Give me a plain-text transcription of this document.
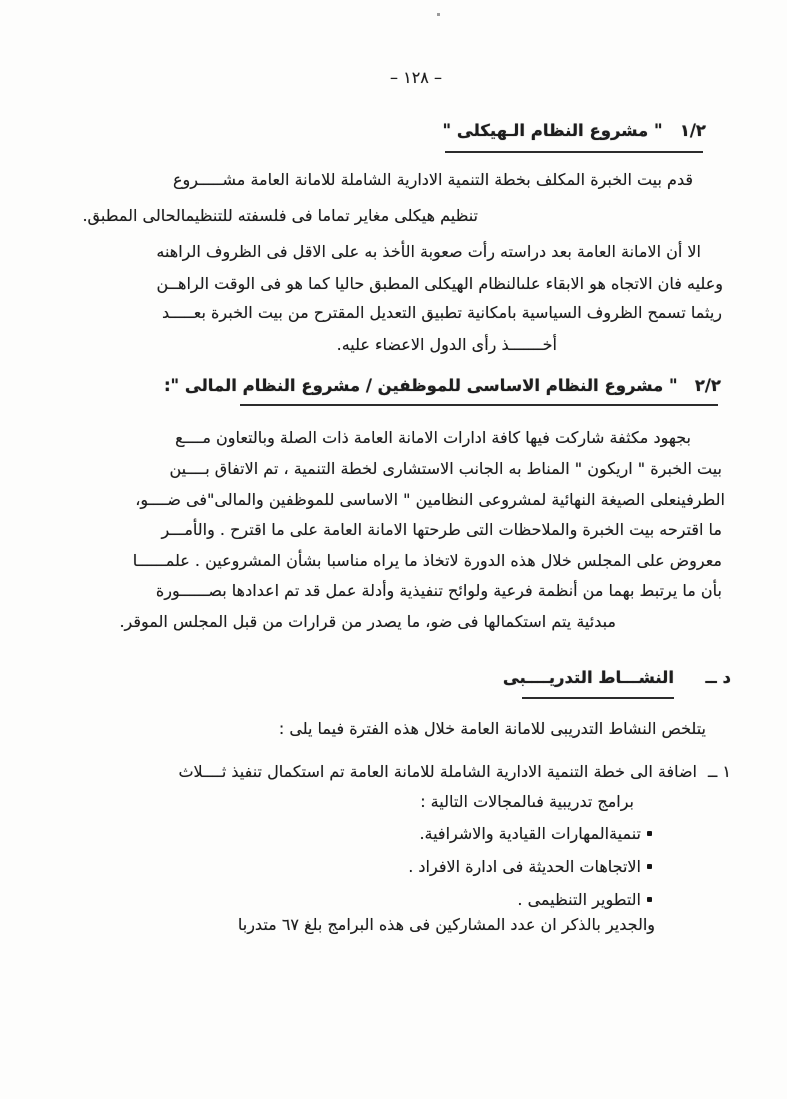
– ١٢٨ –
١/٢   " مشروع النظام الـهيكلى "
قدم بيت الخبرة المكلف بخطة التنمية الادارية الشاملة للامانة العامة مشـــــروع
تنظيم هيكلى مغاير تماما فى فلسفته للتنظيمالحالى المطبق.
الا أن الامانة العامة بعد دراسته رأت صعوبة الأخذ به على الاقل فى الظروف الراهنه
وعليه فان الاتجاه هو الابقاء علىالنظام الهيكلى المطبق حاليا كما هو فى الوقت الراهــن
ريثما تسمح الظروف السياسية بامكانية تطبيق التعديل المقترح من بيت الخبرة بعـــــد
أخـــــــذ رأى الدول الاعضاء عليه.
٢/٢   " مشروع النظام الاساسى للموظفين / مشروع النظام المالى ":
بجهود مكثفة شاركت فيها كافة ادارات الامانة العامة ذات الصلة وبالتعاون مــــع
بيت الخبرة " اريكون " المناط به الجانب الاستشارى لخطة التنمية ، تم الاتفاق بــــين
الطرفينعلى الصيغة النهائية لمشروعى النظامين " الاساسى للموظفين والمالى"فى ضــــو،
ما اقترحه بيت الخبرة والملاحظات التى طرحتها الامانة العامة على ما اقترح . والأمـــر
معروض على المجلس خلال هذه الدورة لاتخاذ ما يراه مناسبا بشأن المشروعين . علمــــــا
بأن ما يرتبط بهما من أنظمة فرعية ولوائح تنفيذية وأدلة عمل قد تم اعدادها بصــــــورة
مبدئية يتم استكمالها فى ضو، ما يصدر من قرارات من قبل المجلس الموقر.
د ــ
النشـــاط التدريــــبى
يتلخص النشاط التدريبى للامانة العامة خلال هذه الفترة فيما يلى :
١ ــ
اضافة الى خطة التنمية الادارية الشاملة للامانة العامة تم استكمال تنفيذ ثــــلاث
برامج تدريبية فىالمجالات التالية :
تنميةالمهارات القيادية والاشرافية.
الاتجاهات الحديثة فى ادارة الافراد .
التطوير التنظيمى .
والجدير بالذكر ان عدد المشاركين فى هذه البرامج بلغ ٦٧ متدربا
